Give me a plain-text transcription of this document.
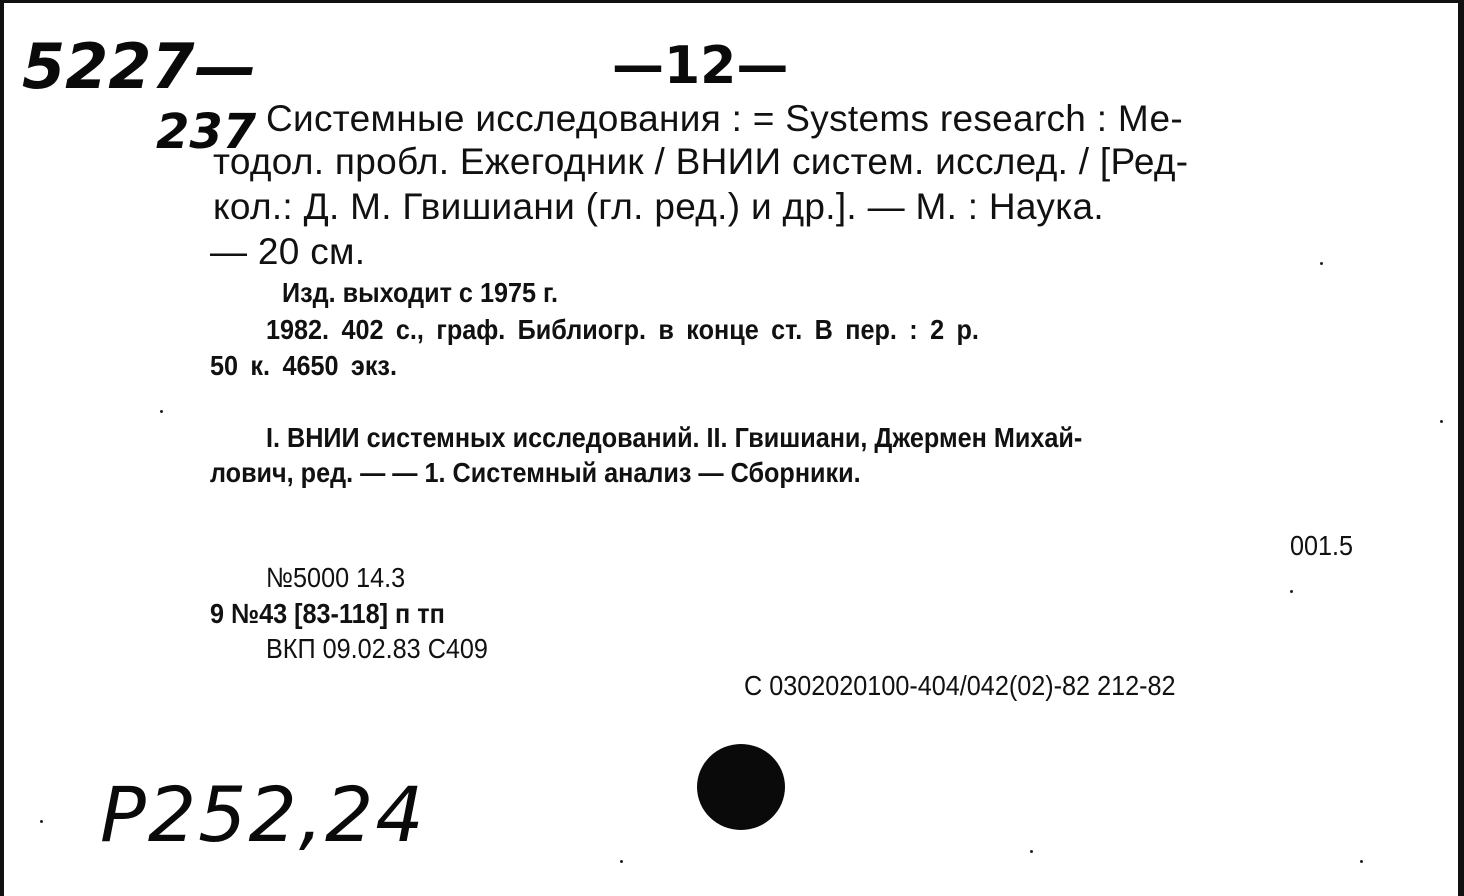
5227—	—12—
237
P252,24
Системные исследования : = Systems research : Ме-
тодол. пробл. Ежегодник / ВНИИ систем. исслед. / [Ред-
кол.: Д. М. Гвишиани (гл. ред.) и др.]. — М. : Наука.
— 20 см.
Изд. выходит с 1975 г.
1982. 402 с., граф. Библиогр. в конце ст. В пер. : 2 р.
50 к. 4650 экз.
I. ВНИИ системных исследований. II. Гвишиани, Джермен Михай-
лович, ред. — — 1. Системный анализ — Сборники.
001.5
№5000 14.3
9 №43 [83-118] п тп
ВКП 09.02.83 С409
С 0302020100-404/042(02)-82 212-82
